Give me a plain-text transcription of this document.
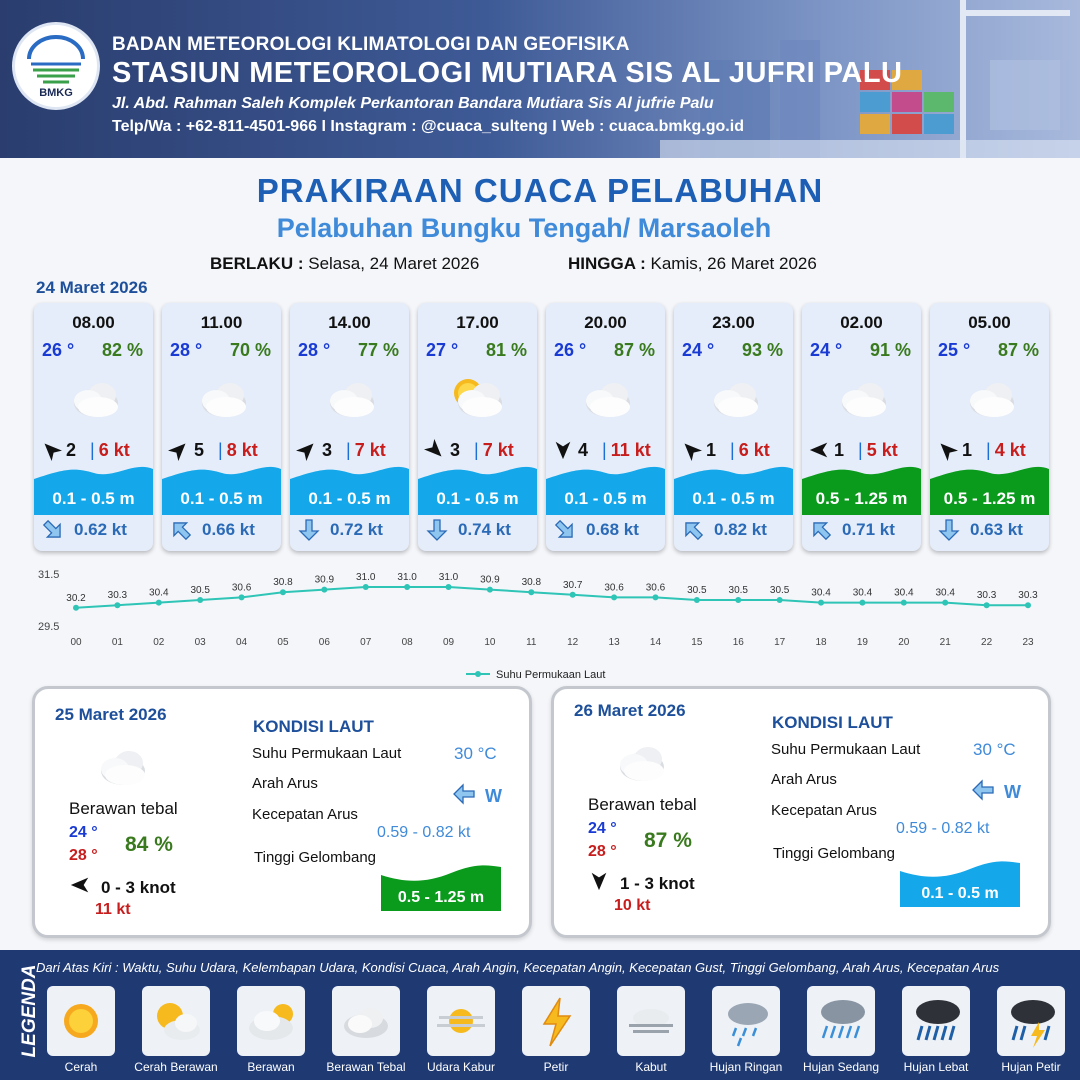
BMKG
BADAN METEOROLOGI KLIMATOLOGI DAN GEOFISIKA
STASIUN METEOROLOGI MUTIARA SIS AL JUFRI PALU
Jl. Abd. Rahman Saleh Komplek Perkantoran Bandara Mutiara Sis Al jufrie Palu
Telp/Wa : +62-811-4501-966 I Instagram : @cuaca_sulteng I Web : cuaca.bmkg.go.id
PRAKIRAAN CUACA PELABUHAN
Pelabuhan Bungku Tengah/ Marsaoleh
BERLAKU : Selasa, 24 Maret 2026	HINGGA : Kamis, 26 Maret 2026
24 Maret 2026
08.00
26 ° 82 %
2 | 6 kt
0.1 - 0.5 m
0.62 kt
11.00
28 ° 70 %
5 | 8 kt
0.1 - 0.5 m
0.66 kt
14.00
28 ° 77 %
3 | 7 kt
0.1 - 0.5 m
0.72 kt
17.00
27 ° 81 %
3 | 7 kt
0.1 - 0.5 m
0.74 kt
20.00
26 ° 87 %
4 | 11 kt
0.1 - 0.5 m
0.68 kt
23.00
24 ° 93 %
1 | 6 kt
0.1 - 0.5 m
0.82 kt
02.00
24 ° 91 %
1 | 5 kt
0.5 - 1.25 m
0.71 kt
05.00
25 ° 87 %
1 | 4 kt
0.5 - 1.25 m
0.63 kt
31.5
29.5
30.2
00
30.3
01
30.4
02
30.5
03
30.6
04
30.8
05
30.9
06
31.0
07
31.0
08
31.0
09
30.9
10
30.8
11
30.7
12
30.6
13
30.6
14
30.5
15
30.5
16
30.5
17
30.4
18
30.4
19
30.4
20
30.4
21
30.3
22
30.3
23
Suhu Permukaan Laut
25 Maret 2026
Berawan tebal
24 °
28 ° 84 %
0 - 3 knot
11 kt
KONDISI LAUT
Suhu Permukaan Laut	30 °C
Arah Arus
W
Kecepatan Arus
0.59 - 0.82 kt
Tinggi Gelombang
0.5 - 1.25 m
26 Maret 2026
Berawan tebal
24 °
28 ° 87 %
1 - 3 knot
10 kt
KONDISI LAUT
Suhu Permukaan Laut	30 °C
Arah Arus
W
Kecepatan Arus
0.59 - 0.82 kt
Tinggi Gelombang
0.1 - 0.5 m
LEGENDA
Dari Atas Kiri : Waktu, Suhu Udara, Kelembapan Udara, Kondisi Cuaca, Arah Angin, Kecepatan Angin, Kecepatan Gust, Tinggi Gelombang, Arah Arus, Kecepatan Arus
Cerah	Cerah Berawan	Berawan	Berawan Tebal	Udara Kabur	Petir	Kabut	Hujan Ringan	Hujan Sedang	Hujan Lebat	Hujan Petir
